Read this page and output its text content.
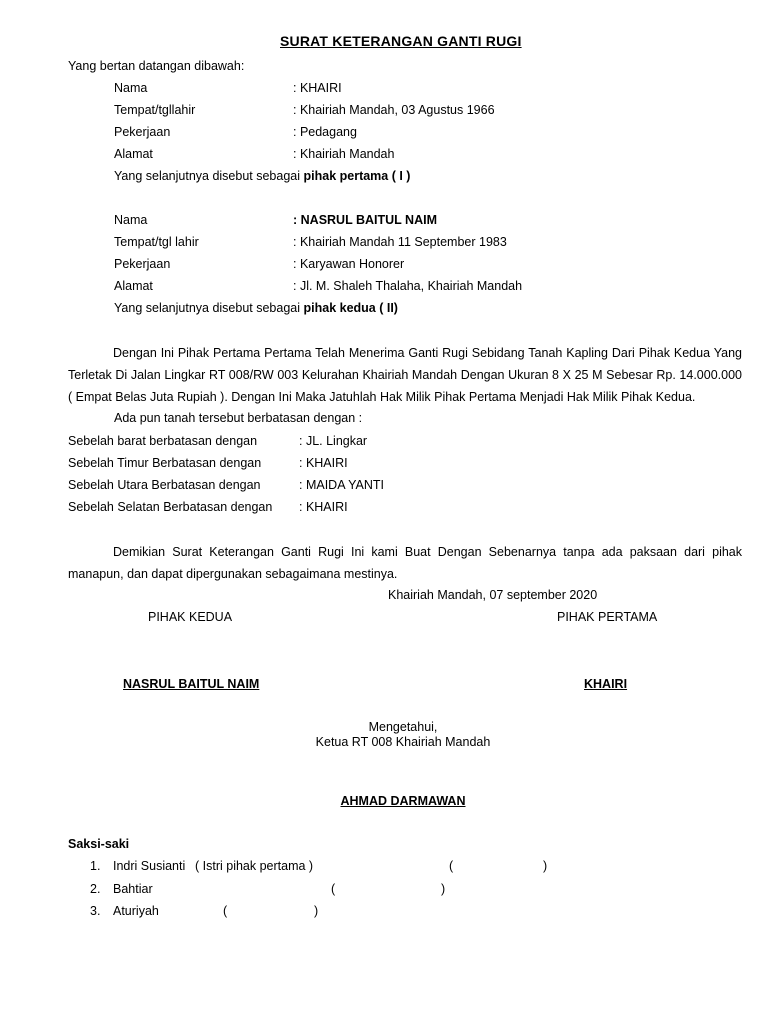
SURAT KETERANGAN GANTI RUGI
Yang bertan datangan dibawah:
Nama	: KHAIRI
Tempat/tgllahir	: Khairiah Mandah, 03 Agustus 1966
Pekerjaan	: Pedagang
Alamat	: Khairiah Mandah
Yang selanjutnya disebut sebagai pihak pertama ( I )
Nama	: NASRUL BAITUL NAIM
Tempat/tgl lahir	: Khairiah Mandah 11 September 1983
Pekerjaan	: Karyawan Honorer
Alamat	: Jl. M. Shaleh Thalaha, Khairiah Mandah
Yang selanjutnya disebut sebagai pihak kedua ( II)
Dengan Ini Pihak Pertama Pertama Telah Menerima Ganti Rugi Sebidang Tanah Kapling Dari Pihak Kedua Yang Terletak Di Jalan Lingkar RT 008/RW 003 Kelurahan Khairiah Mandah Dengan Ukuran 8 X 25 M Sebesar Rp. 14.000.000 ( Empat Belas Juta Rupiah ). Dengan Ini Maka Jatuhlah Hak Milik Pihak Pertama Menjadi Hak Milik Pihak Kedua.
Ada pun tanah tersebut berbatasan dengan :
Sebelah barat berbatasan dengan	: JL. Lingkar
Sebelah Timur Berbatasan dengan	: KHAIRI
Sebelah Utara Berbatasan dengan	: MAIDA YANTI
Sebelah Selatan Berbatasan dengan : KHAIRI
Demikian Surat Keterangan Ganti Rugi Ini kami Buat Dengan Sebenarnya tanpa ada paksaan dari pihak manapun, dan dapat dipergunakan sebagaimana mestinya.
Khairiah Mandah, 07 september 2020
PIHAK KEDUA	PIHAK PERTAMA
NASRUL BAITUL NAIM	KHAIRI
Mengetahui,
Ketua RT 008 Khairiah Mandah
AHMAD DARMAWAN
Saksi-saki
1. Indri Susianti ( Istri pihak pertama )	(	)
2. Bahtiar	(	)
3. Aturiyah	(	)
